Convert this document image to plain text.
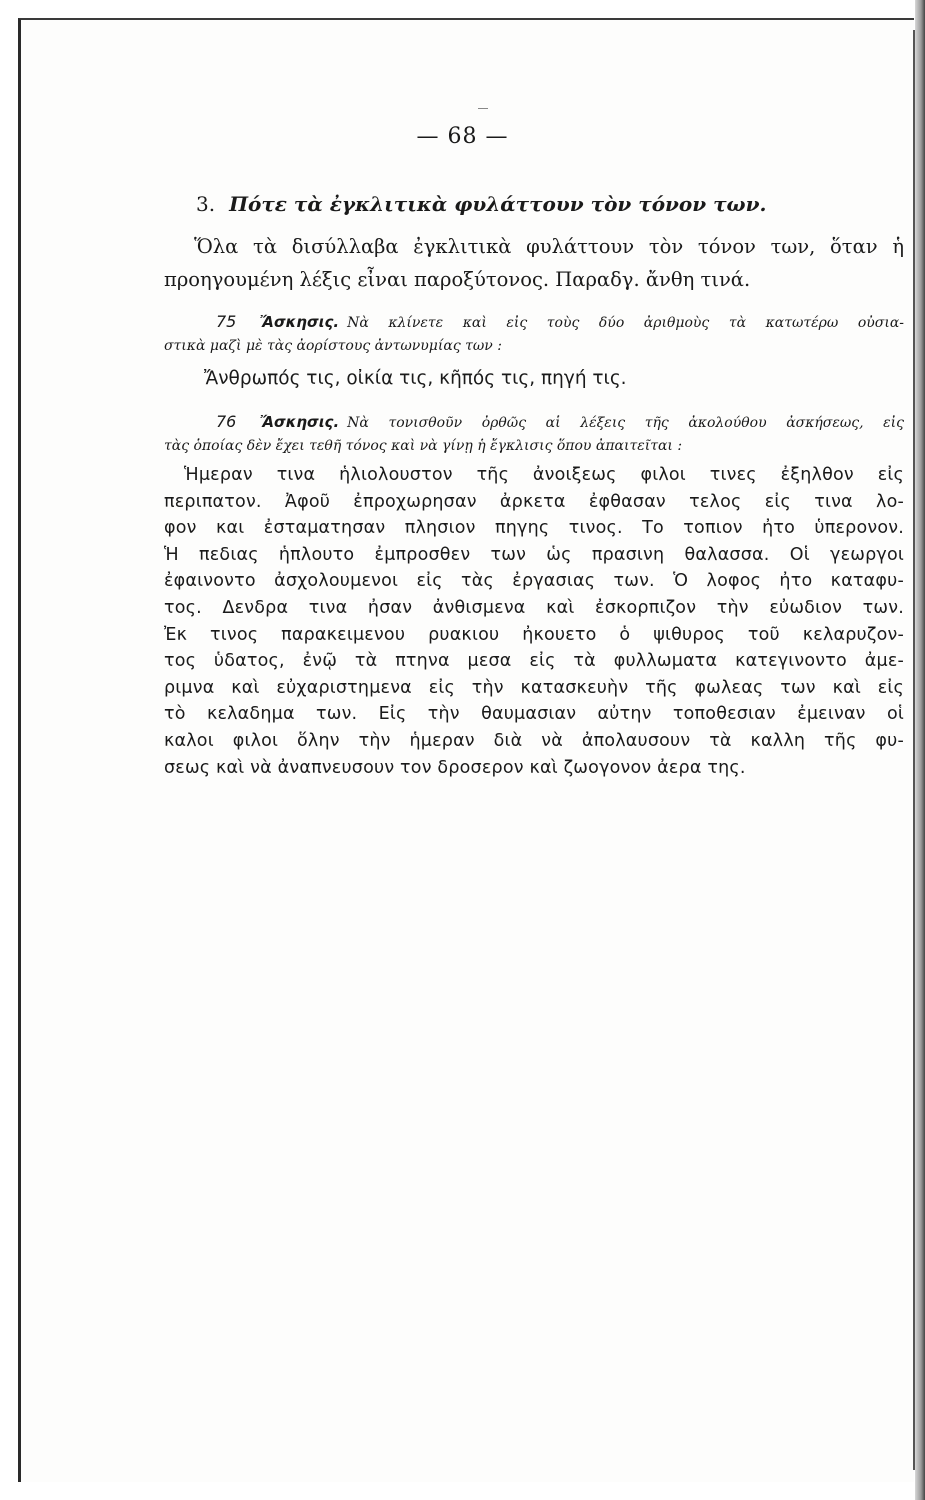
— 68 —
3. Πότε τὰ ἐγκλιτικὰ φυλάττουν τὸν τόνον των.

Ὅλα τὰ δισύλλαβα ἐγκλιτικὰ φυλάττουν τὸν τόνον των, ὅταν ἡ

προηγουμένη λέξις εἶναι παροξύτονος. Παραδγ. ἄνθη τινά.

75 Ἄσκησις. Νὰ κλίνετε καὶ εἰς τοὺς δύο ἀριθμοὺς τὰ κατωτέρω οὐσια-

στικὰ μαζὶ μὲ τὰς ἀορίστους ἀντωνυμίας των :

Ἄνθρωπός τις, οἰκία τις, κῆπός τις, πηγή τις.

76 Ἄσκησις. Νὰ τονισθοῦν ὀρθῶς αἱ λέξεις τῆς ἀκολούθου ἀσκήσεως, εἰς

τὰς ὁποίας δὲν ἔχει τεθῆ τόνος καὶ νὰ γίνῃ ἡ ἔγκλισις ὅπου ἀπαιτεῖται :

Ἡμεραν τινα ἡλιολουστον τῆς ἀνοιξεως φιλοι τινες ἐξηλθον εἰς

περιπατον. Ἀφοῦ ἐπροχωρησαν ἀρκετα ἐφθασαν τελος εἰς τινα λο-

φον και ἐσταματησαν πλησιον πηγης τινος. Το τοπιον ἠτο ὑπερονον.

Ἡ πεδιας ἡπλουτο ἐμπροσθεν των ὡς πρασινη θαλασσα. Οἱ γεωργοι

ἐφαινοντο ἀσχολουμενοι εἰς τὰς ἐργασιας των. Ὁ λοφος ἠτο καταφυ-

τος. Δενδρα τινα ἠσαν ἀνθισμενα καὶ ἐσκορπιζον τὴν εὐωδιον των.

Ἐκ τινος παρακειμενου ρυακιου ἠκουετο ὁ ψιθυρος τοῦ κελαρυζον-

τος ὑδατος, ἐνῷ τὰ πτηνα μεσα εἰς τὰ φυλλωματα κατεγινοντο ἀμε-

ριμνα καὶ εὐχαριστημενα εἰς τὴν κατασκευὴν τῆς φωλεας των καὶ εἰς

τὸ κελαδημα των. Εἰς τὴν θαυμασιαν αὐτην τοποθεσιαν ἐμειναν οἱ

καλοι φιλοι ὅλην τὴν ἡμεραν διὰ νὰ ἀπολαυσουν τὰ καλλη τῆς φυ-

σεως καὶ νὰ ἀναπνευσουν τον δροσερον καὶ ζωογονον ἀερα της.
